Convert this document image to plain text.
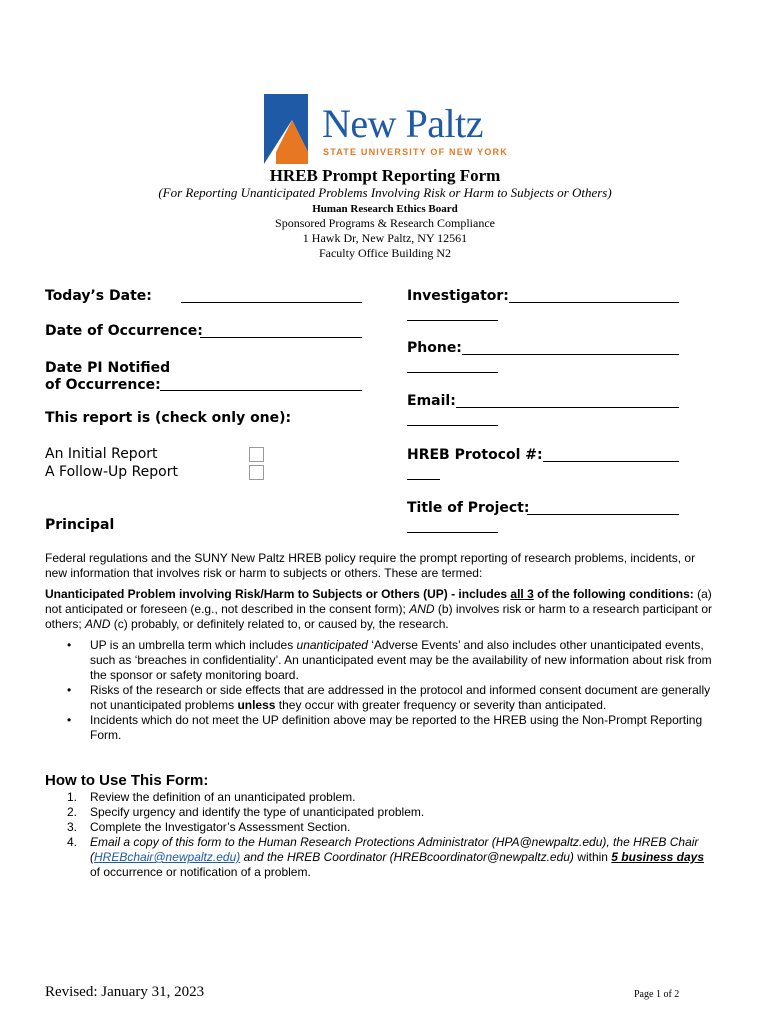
New Paltz
STATE UNIVERSITY OF NEW YORK
HREB Prompt Reporting Form
(For Reporting Unanticipated Problems Involving Risk or Harm to Subjects or Others)
Human Research Ethics Board
Sponsored Programs & Research Compliance
1 Hawk Dr, New Paltz, NY 12561
Faculty Office Building N2
Today’s Date:
Date of Occurrence:
Date PI Notified
of Occurrence:
This report is (check only one):
An Initial Report
A Follow-Up Report
Principal
Investigator:
Phone:
Email:
HREB Protocol #:
Title of Project:
Federal regulations and the SUNY New Paltz HREB policy require the prompt reporting of research problems, incidents, or new information that involves risk or harm to subjects or others. These are termed:
Unanticipated Problem involving Risk/Harm to Subjects or Others (UP) - includes all 3 of the following conditions: (a) not anticipated or foreseen (e.g., not described in the consent form); AND (b) involves risk or harm to a research participant or others; AND (c) probably, or definitely related to, or caused by, the research.
• UP is an umbrella term which includes unanticipated ‘Adverse Events’ and also includes other unanticipated events, such as ‘breaches in confidentiality’. An unanticipated event may be the availability of new information about risk from the sponsor or safety monitoring board.
• Risks of the research or side effects that are addressed in the protocol and informed consent document are generally not unanticipated problems unless they occur with greater frequency or severity than anticipated.
• Incidents which do not meet the UP definition above may be reported to the HREB using the Non-Prompt Reporting Form.
How to Use This Form:
1. Review the definition of an unanticipated problem.
2. Specify urgency and identify the type of unanticipated problem.
3. Complete the Investigator’s Assessment Section.
4. Email a copy of this form to the Human Research Protections Administrator (HPA@newpaltz.edu), the HREB Chair (HREBchair@newpaltz.edu) and the HREB Coordinator (HREBcoordinator@newpaltz.edu) within 5 business days of occurrence or notification of a problem.
Revised: January 31, 2023	Page 1 of 2
